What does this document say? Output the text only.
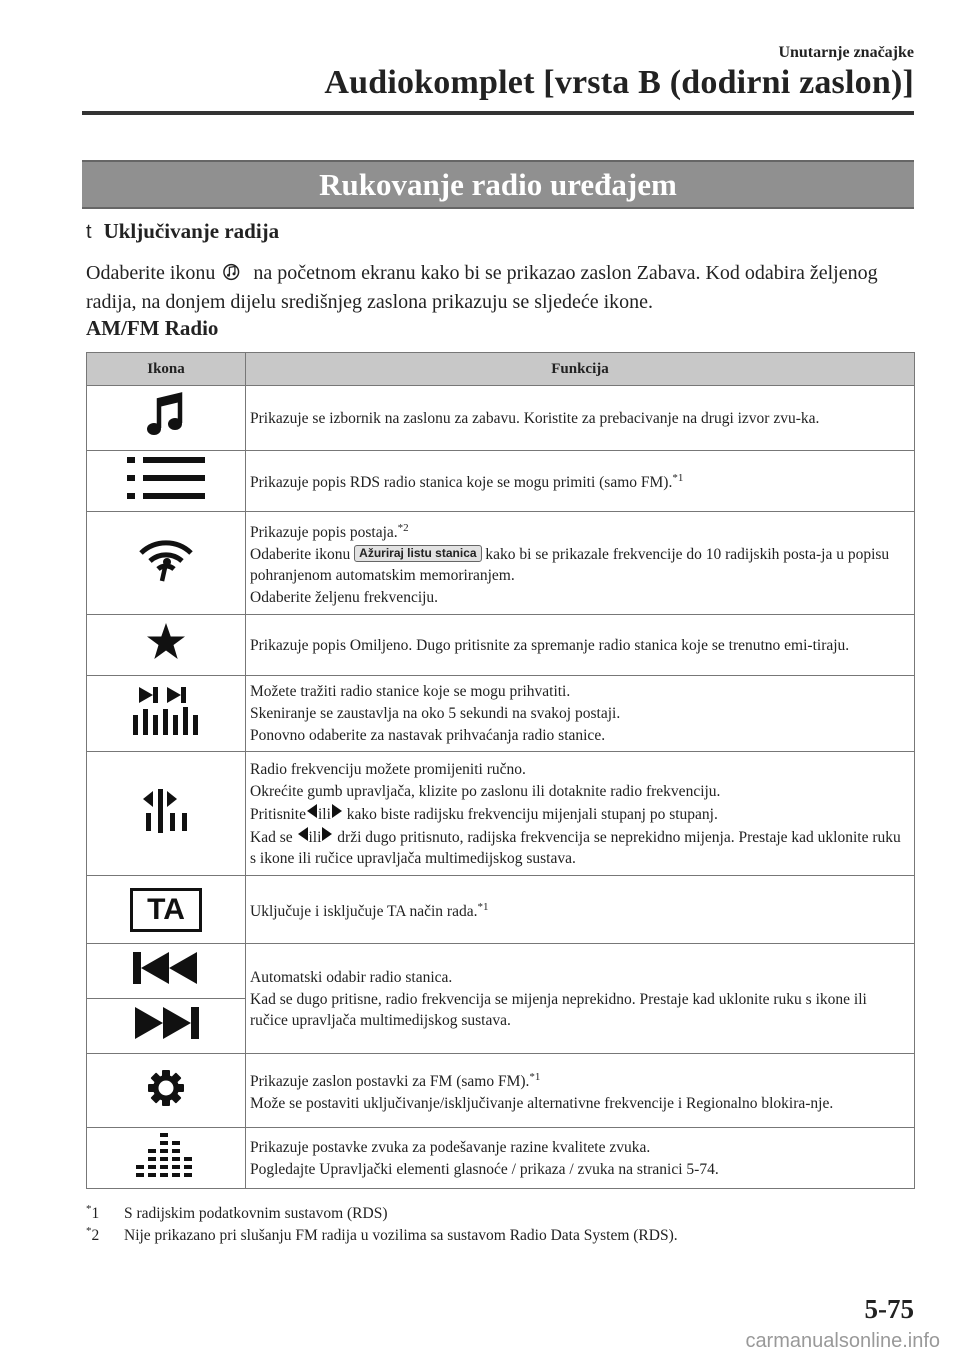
Unutarnje značajke
Audiokomplet [vrsta B (dodirni zaslon)]
Rukovanje radio uređajem
t Uključivanje radija
Odaberite ikonu na početnom ekranu kako bi se prikazao zaslon Zabava. Kod odabira željenog radija, na donjem dijelu središnjeg zaslona prikazuju se sljedeće ikone.
AM/FM Radio
Ikona	Funkcija

Prikazuje se izbornik na zaslonu za zabavu. Koristite za prebacivanje na drugi izvor zvu-ka.

	Prikazuje popis RDS radio stanica koje se mogu primiti (samo FM).$^{*1}$

Prikazuje popis postaja.$^{*2}$
Odaberite ikonu Ažuriraj listu stanica kako bi se prikazale frekvencije do 10 radijskih posta-ja u popisu pohranjenom automatskim memoriranjem.
Odaberite željenu frekvenciju.

Prikazuje popis Omiljeno. Dugo pritisnite za spremanje radio stanica koje se trenutno emi-tiraju.

Možete tražiti radio stanice koje se mogu prihvatiti.
Skeniranje se zaustavlja na oko 5 sekundi na svakoj postaji.
Ponovno odaberite za nastavak prihvaćanja radio stanice.

Radio frekvenciju možete promijeniti ručno.
Okrećite gumb upravljača, klizite po zaslonu ili dotaknite radio frekvenciju.
Pritisnite ili kako biste radijsku frekvenciju mijenjali stupanj po stupanj.
Kad se ili drži dugo pritisnuto, radijska frekvencija se neprekidno mijenja. Prestaje kad uklonite ruku s ikone ili ručice upravljača multimedijskog sustava.

TA	Uključuje i isključuje TA način rada.$^{*1}$

Automatski odabir radio stanica.
Kad se dugo pritisne, radio frekvencija se mijenja neprekidno. Prestaje kad uklonite ruku s ikone ili ručice upravljača multimedijskog sustava.

Prikazuje zaslon postavki za FM (samo FM).$^{*1}$
Može se postaviti uključivanje/isključivanje alternativne frekvencije i Regionalno blokira-nje.

Prikazuje postavke zvuka za podešavanje razine kvalitete zvuka.
Pogledajte Upravljački elementi glasnoće / prikaza / zvuka na stranici 5-74.
*1 S radijskim podatkovnim sustavom (RDS)
*2 Nije prikazano pri slušanju FM radija u vozilima sa sustavom Radio Data System (RDS).
5-75
carmanualsonline.info
